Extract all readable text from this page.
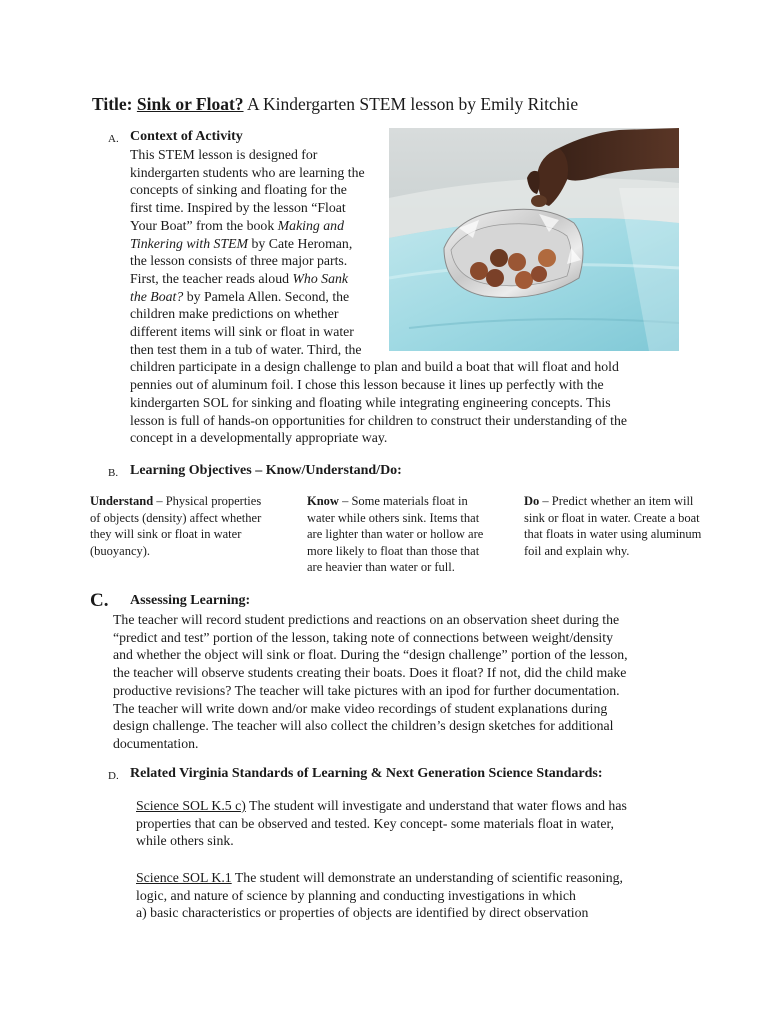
Title: Sink or Float? A Kindergarten STEM lesson by Emily Ritchie
A. Context of Activity
This STEM lesson is designed for
kindergarten students who are learning the
concepts of sinking and floating for the
first time. Inspired by the lesson “Float
Your Boat” from the book Making and
Tinkering with STEM by Cate Heroman,
the lesson consists of three major parts.
First, the teacher reads aloud Who Sank
the Boat? by Pamela Allen. Second, the
children make predictions on whether
different items will sink or float in water
then test them in a tub of water. Third, the
children participate in a design challenge to plan and build a boat that will float and hold
pennies out of aluminum foil. I chose this lesson because it lines up perfectly with the
kindergarten SOL for sinking and floating while integrating engineering concepts. This
lesson is full of hands-on opportunities for children to construct their understanding of the
concept in a developmentally appropriate way.
B. Learning Objectives – Know/Understand/Do:
Understand – Physical properties
of objects (density) affect whether
they will sink or float in water
(buoyancy).
Know – Some materials float in
water while others sink. Items that
are lighter than water or hollow are
more likely to float than those that
are heavier than water or full.
Do – Predict whether an item will
sink or float in water. Create a boat
that floats in water using aluminum
foil and explain why.
C. Assessing Learning:
The teacher will record student predictions and reactions on an observation sheet during the
“predict and test” portion of the lesson, taking note of connections between weight/density
and whether the object will sink or float. During the “design challenge” portion of the lesson,
the teacher will observe students creating their boats. Does it float? If not, did the child make
productive revisions? The teacher will take pictures with an ipod for further documentation.
The teacher will write down and/or make video recordings of student explanations during
design challenge. The teacher will also collect the children’s design sketches for additional
documentation.
D. Related Virginia Standards of Learning & Next Generation Science Standards:
Science SOL K.5 c) The student will investigate and understand that water flows and has
properties that can be observed and tested. Key concept- some materials float in water,
while others sink.
Science SOL K.1 The student will demonstrate an understanding of scientific reasoning,
logic, and nature of science by planning and conducting investigations in which
a) basic characteristics or properties of objects are identified by direct observation
